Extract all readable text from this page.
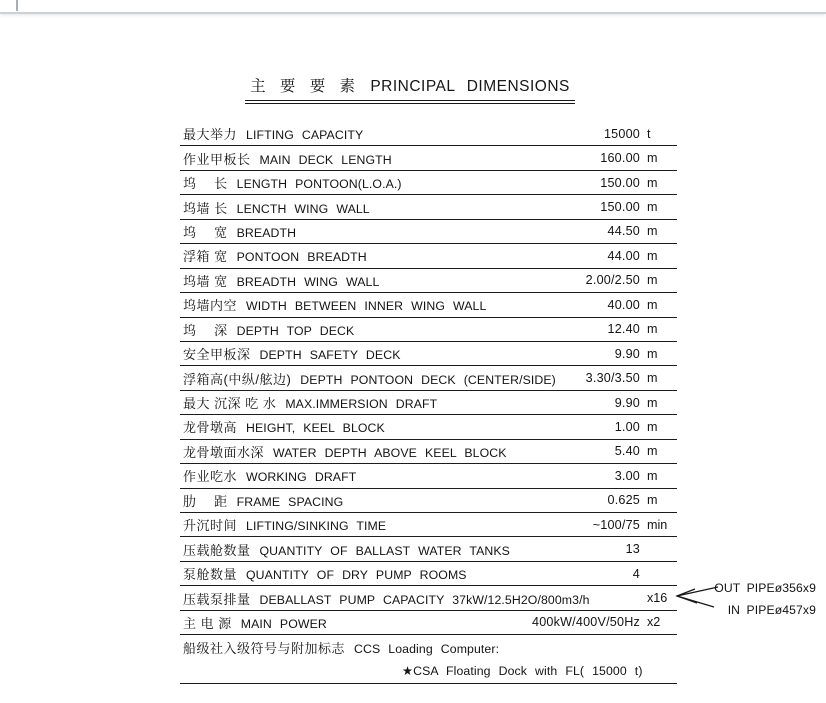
主 要 要 素 PRINCIPAL DIMENSIONS
最大举力 LIFTING CAPACITY	15000 t
作业甲板长 MAIN DECK LENGTH	160.00 m
坞　 长 LENGTH PONTOON(L.O.A.)	150.00 m
坞墙 长 LENCTH WING WALL	150.00 m
坞　 宽 BREADTH	44.50 m
浮箱 宽 PONTOON BREADTH	44.00 m
坞墙 宽 BREADTH WING WALL	2.00/2.50 m
坞墙内空 WIDTH BETWEEN INNER WING WALL	40.00 m
坞　 深 DEPTH TOP DECK	12.40 m
安全甲板深 DEPTH SAFETY DECK	9.90 m
浮箱高(中纵/舷边) DEPTH PONTOON DECK (CENTER/SIDE) 3.30/3.50 m
最大 沉深 吃 水 MAX.IMMERSION DRAFT	9.90 m
龙骨墩高 HEIGHT, KEEL BLOCK	1.00 m
龙骨墩面水深 WATER DEPTH ABOVE KEEL BLOCK	5.40 m
作业吃水 WORKING DRAFT	3.00 m
肋　 距 FRAME SPACING	0.625 m
升沉时间 LIFTING/SINKING TIME	~100/75 min
压载舱数量 QUANTITY OF BALLAST WATER TANKS	13
泵舱数量 QUANTITY OF DRY PUMP ROOMS	4
压载泵排量 DEBALLAST PUMP CAPACITY 37kW/12.5H2O/800m3/h	x16
主 电 源 MAIN POWER	400kW/400V/50Hz x2
船级社入级符号与附加标志 CCS Loading Computer:
★CSA Floating Dock with FL( 15000 t)
OUT PIPEø356x9
IN PIPEø457x9
